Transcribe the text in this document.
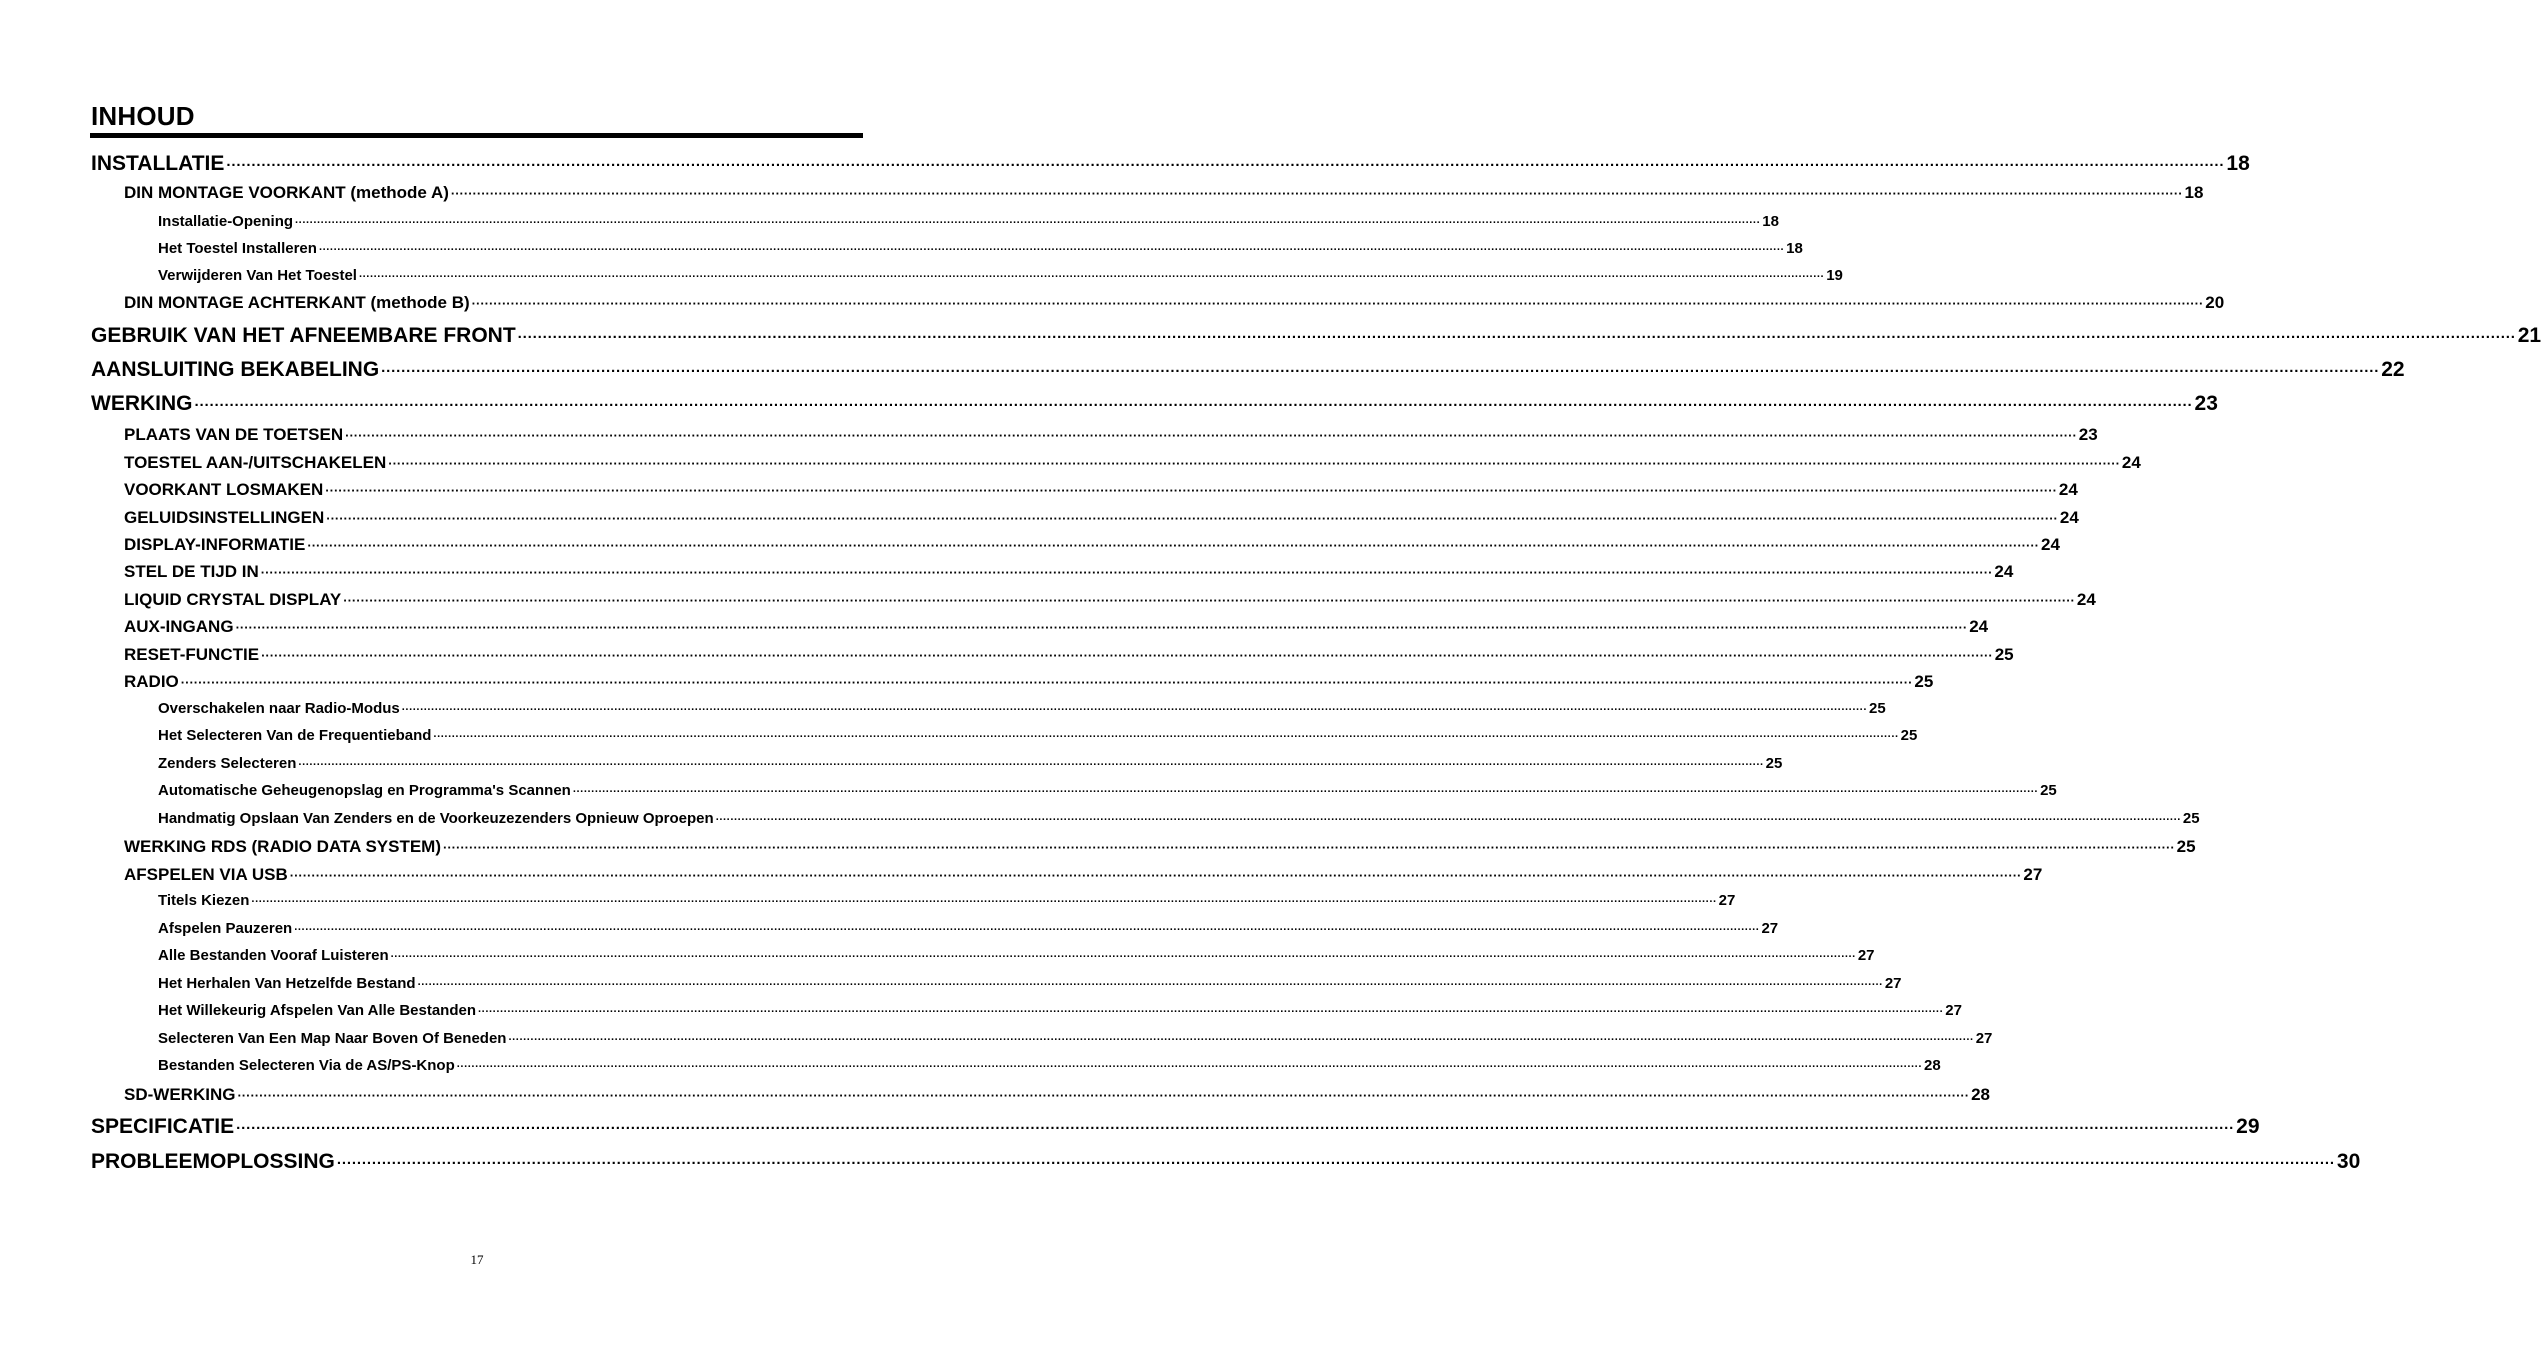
INHOUD
INSTALLATIE ················································································································································································································································································································································································································ 18
DIN MONTAGE VOORKANT (methode A) ················································································································································································································································································································································································································ 18
Installatie-Opening ················································································································································································································································································································································································································ 18
Het Toestel Installeren ················································································································································································································································································································································································································ 18
Verwijderen Van Het Toestel ················································································································································································································································································································································································································ 19
DIN MONTAGE ACHTERKANT (methode B) ················································································································································································································································································································································································································ 20
GEBRUIK VAN HET AFNEEMBARE FRONT ················································································································································································································································································································································································································ 21
AANSLUITING BEKABELING ················································································································································································································································································································································································································ 22
WERKING ················································································································································································································································································································································································································ 23
PLAATS VAN DE TOETSEN ················································································································································································································································································································································································································ 23
TOESTEL AAN-/UITSCHAKELEN ················································································································································································································································································································································································································ 24
VOORKANT LOSMAKEN ················································································································································································································································································································································································································ 24
GELUIDSINSTELLINGEN ················································································································································································································································································································································································································ 24
DISPLAY-INFORMATIE ················································································································································································································································································································································································································ 24
STEL DE TIJD IN ················································································································································································································································································································································································································ 24
LIQUID CRYSTAL DISPLAY ················································································································································································································································································································································································································ 24
AUX-INGANG ················································································································································································································································································································································································································ 24
RESET-FUNCTIE ················································································································································································································································································································································································································ 25
RADIO ················································································································································································································································································································································································································ 25
Overschakelen naar Radio-Modus ················································································································································································································································································································································································································ 25
Het Selecteren Van de Frequentieband ················································································································································································································································································································································································································ 25
Zenders Selecteren ················································································································································································································································································································································································································ 25
Automatische Geheugenopslag en Programma's Scannen ················································································································································································································································································································································································································ 25
Handmatig Opslaan Van Zenders en de Voorkeuzezenders Opnieuw Oproepen ················································································································································································································································································································································································································ 25
WERKING RDS (RADIO DATA SYSTEM) ················································································································································································································································································································································································································ 25
AFSPELEN VIA USB ················································································································································································································································································································································································································ 27
Titels Kiezen ················································································································································································································································································································································································································ 27
Afspelen Pauzeren ················································································································································································································································································································································································································ 27
Alle Bestanden Vooraf Luisteren ················································································································································································································································································································································································································ 27
Het Herhalen Van Hetzelfde Bestand ················································································································································································································································································································································································································ 27
Het Willekeurig Afspelen Van Alle Bestanden ················································································································································································································································································································································································································ 27
Selecteren Van Een Map Naar Boven Of Beneden ················································································································································································································································································································································································································ 27
Bestanden Selecteren Via de AS/PS-Knop ················································································································································································································································································································································································································ 28
SD-WERKING ················································································································································································································································································································································································································ 28
SPECIFICATIE ················································································································································································································································································································································································································ 29
PROBLEEMOPLOSSING ················································································································································································································································································································································································································ 30
17
